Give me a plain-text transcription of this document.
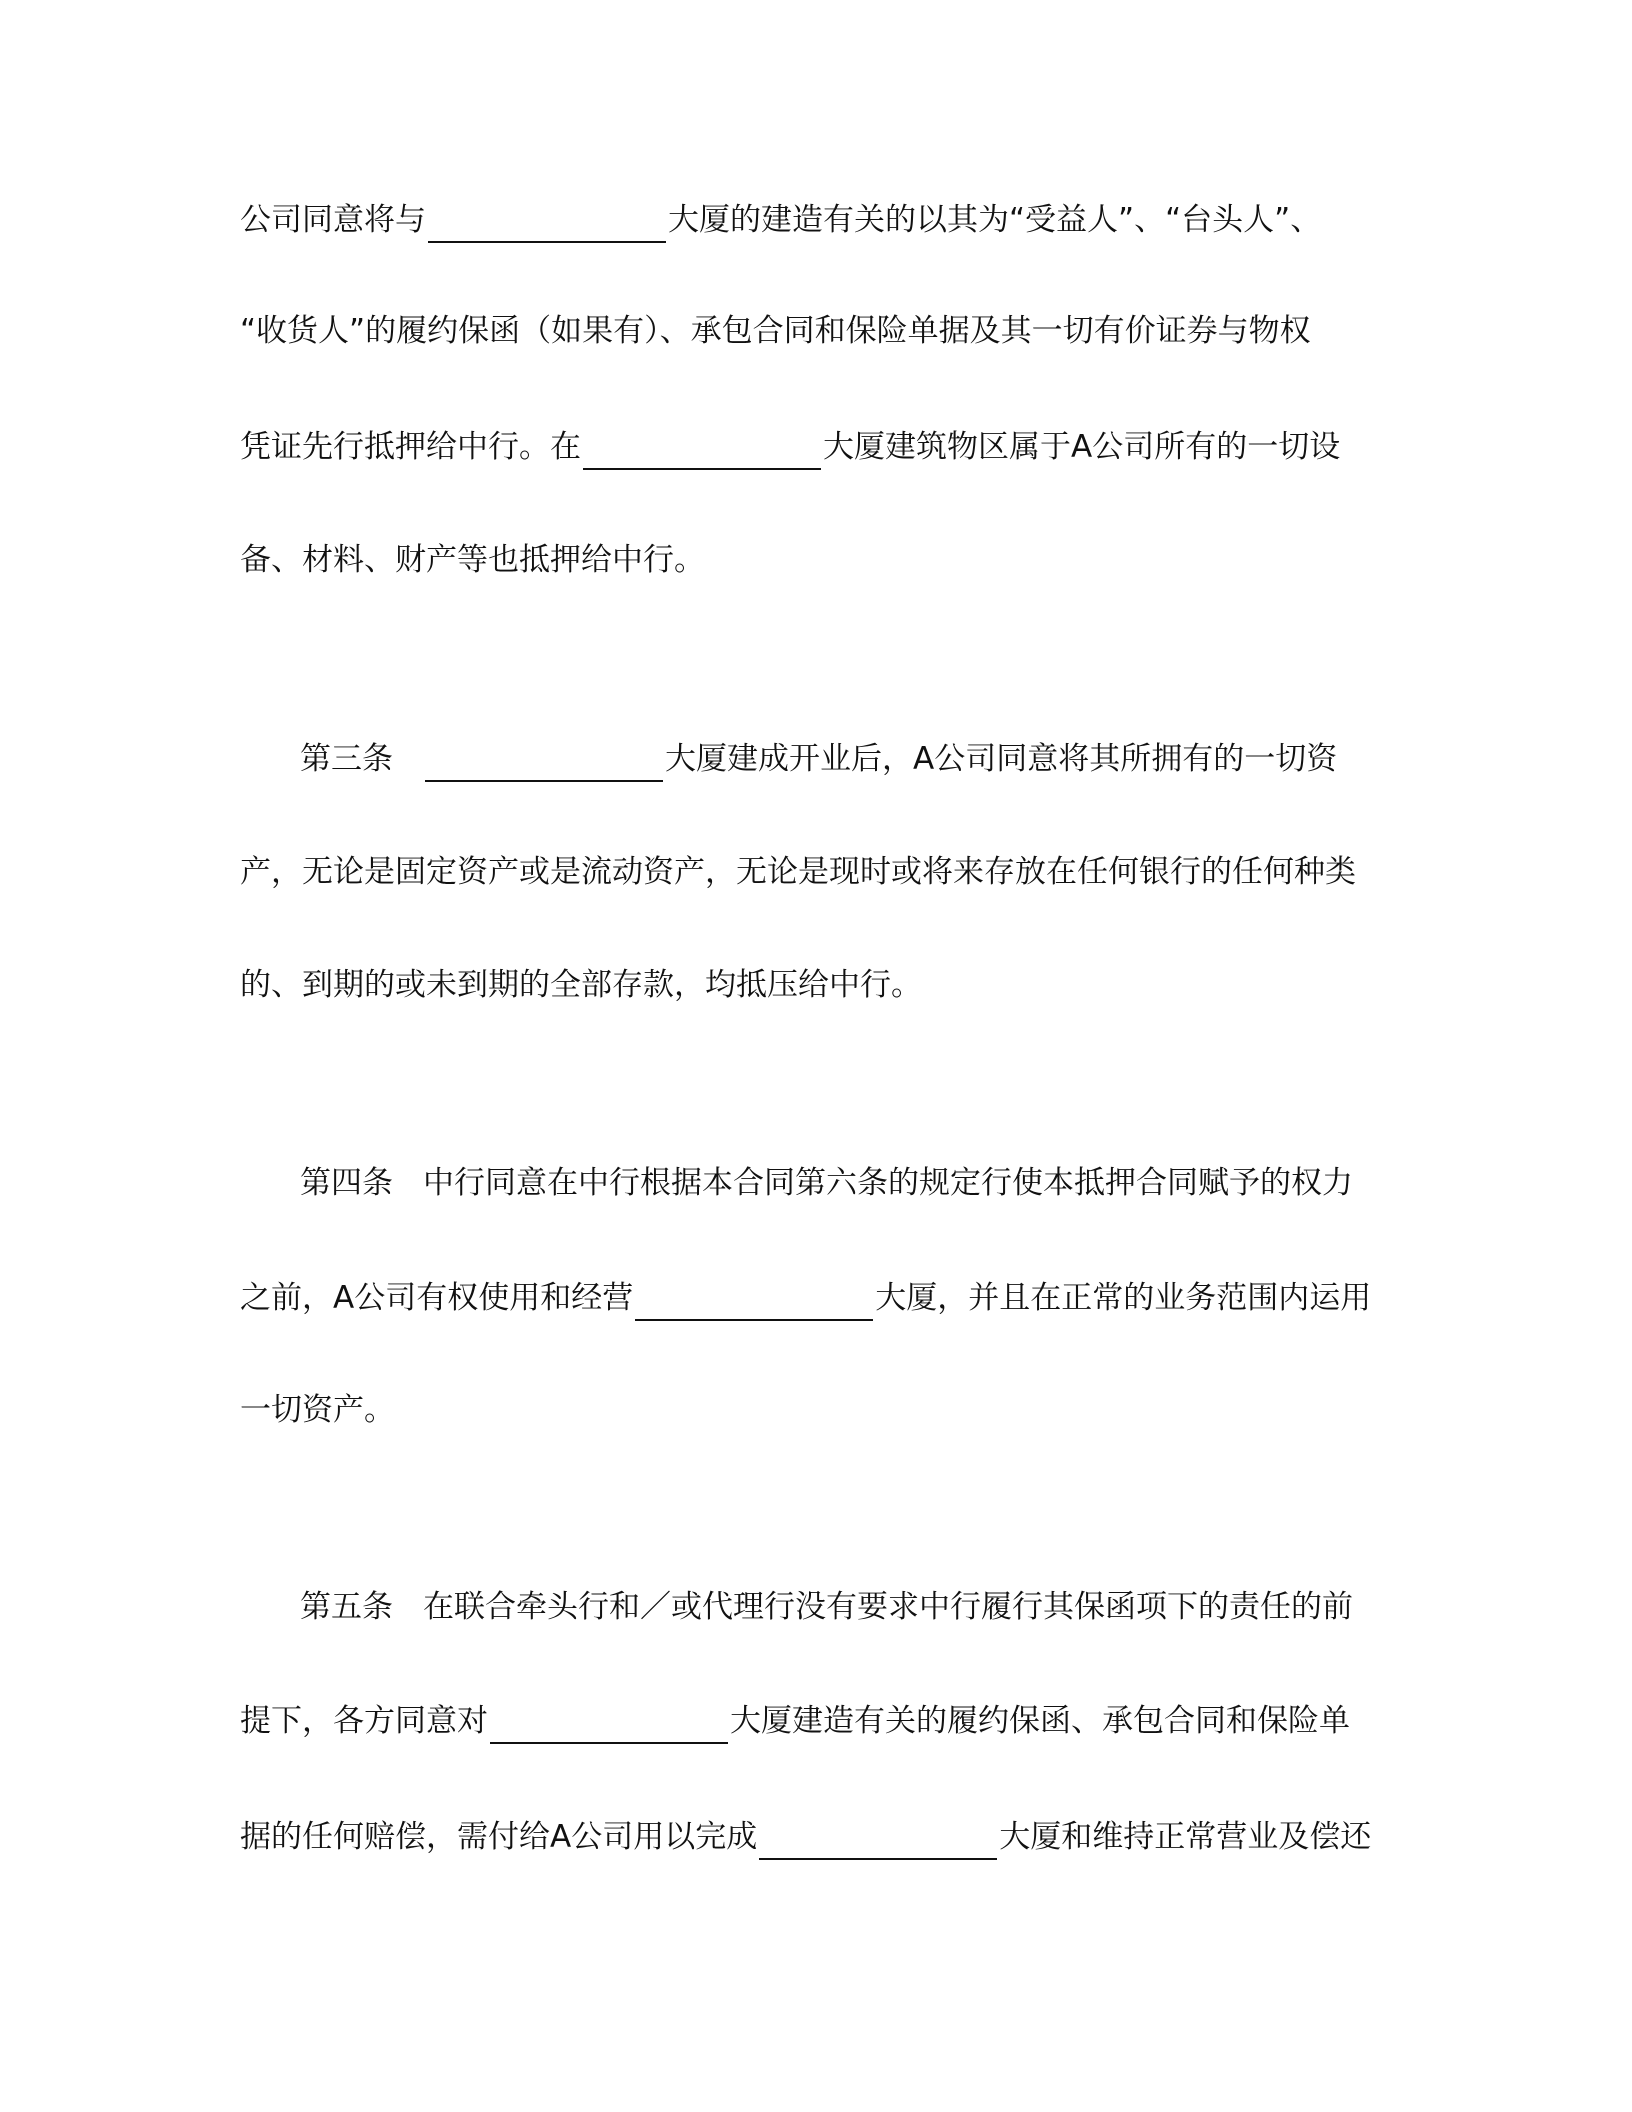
公司同意将与	大厦的建造有关的以其为“受益人”、“台头人”、
“收货人”的履约保函（如果有）、承包合同和保险单据及其一切有价证券与物权
凭证先行抵押给中行。在	大厦建筑物区属于A公司所有的一切设
备、材料、财产等也抵押给中行。
第三条	大厦建成开业后，A公司同意将其所拥有的一切资
产，无论是固定资产或是流动资产，无论是现时或将来存放在任何银行的任何种类
的、到期的或未到期的全部存款，均抵压给中行。
第四条 中行同意在中行根据本合同第六条的规定行使本抵押合同赋予的权力
之前，A公司有权使用和经营	大厦，并且在正常的业务范围内运用
一切资产。
第五条 在联合牵头行和／或代理行没有要求中行履行其保函项下的责任的前
提下，各方同意对	大厦建造有关的履约保函、承包合同和保险单
据的任何赔偿，需付给A公司用以完成	大厦和维持正常营业及偿还
